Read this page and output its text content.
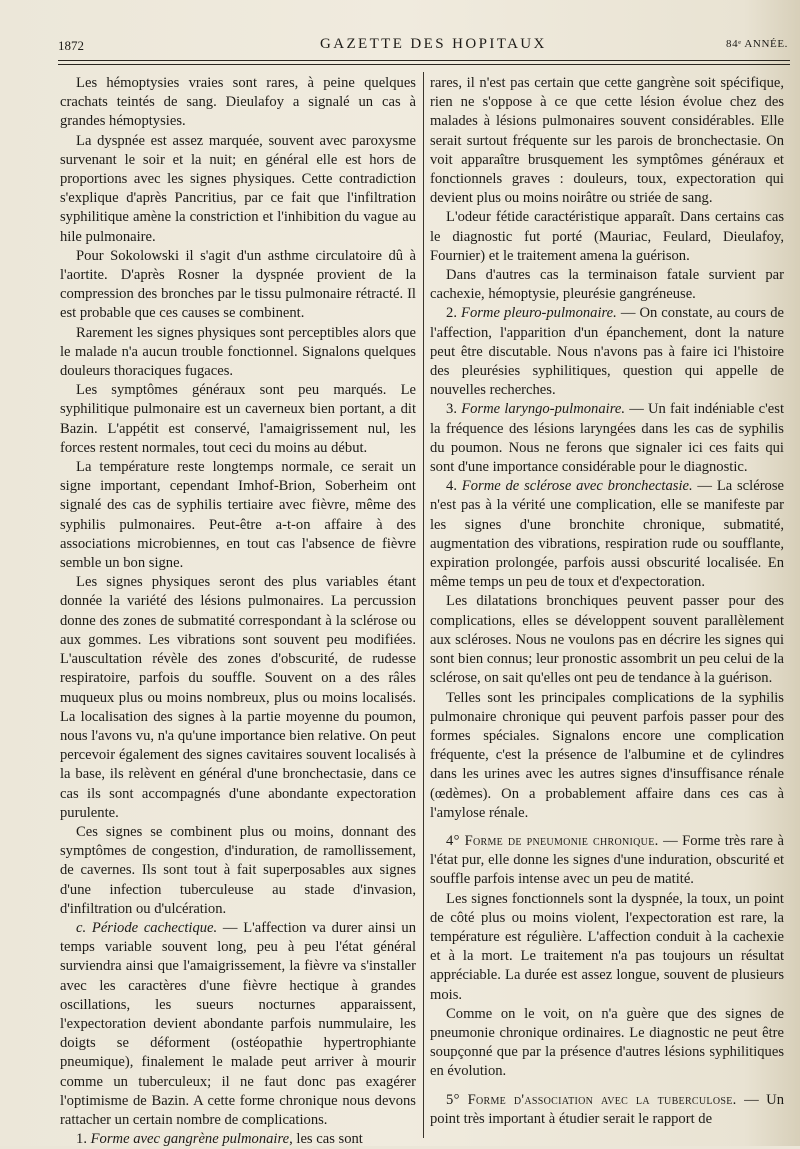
1872	GAZETTE DES HOPITAUX	84ᵉ ANNÉE.

Les hémoptysies vraies sont rares, à peine quelques crachats teintés de sang. Dieulafoy a signalé un cas à grandes hémoptysies.

La dyspnée est assez marquée, souvent avec paroxysme survenant le soir et la nuit; en général elle est hors de proportions avec les signes physiques. Cette contradiction s'explique d'après Pancritius, par ce fait que l'infiltration syphilitique amène la constriction et l'inhibition du vague au hile pulmonaire.

Pour Sokolowski il s'agit d'un asthme circulatoire dû à l'aortite. D'après Rosner la dyspnée provient de la compression des bronches par le tissu pulmonaire rétracté. Il est probable que ces causes se combinent.

Rarement les signes physiques sont perceptibles alors que le malade n'a aucun trouble fonctionnel. Signalons quelques douleurs thoraciques fugaces.

Les symptômes généraux sont peu marqués. Le syphilitique pulmonaire est un caverneux bien portant, a dit Bazin. L'appétit est conservé, l'amaigrissement nul, les forces restent normales, tout ceci du moins au début.

La température reste longtemps normale, ce serait un signe important, cependant Imhof-Brion, Soberheim ont signalé des cas de syphilis tertiaire avec fièvre, même des syphilis pulmonaires. Peut-être a-t-on affaire à des associations microbiennes, en tout cas l'absence de fièvre semble un bon signe.

Les signes physiques seront des plus variables étant donnée la variété des lésions pulmonaires. La percussion donne des zones de submatité correspondant à la sclérose ou aux gommes. Les vibrations sont souvent peu modifiées. L'auscultation révèle des zones d'obscurité, de rudesse respiratoire, parfois du souffle. Souvent on a des râles muqueux plus ou moins nombreux, plus ou moins localisés. La localisation des signes à la partie moyenne du poumon, nous l'avons vu, n'a qu'une importance bien relative. On peut percevoir également des signes cavitaires souvent localisés à la base, ils relèvent en général d'une bronchectasie, dans ce cas ils sont accompagnés d'une abondante expectoration purulente.

Ces signes se combinent plus ou moins, donnant des symptômes de congestion, d'induration, de ramollissement, de cavernes. Ils sont tout à fait superposables aux signes d'une infection tuberculeuse au stade d'invasion, d'infiltration ou d'ulcération.

c. Période cachectique. — L'affection va durer ainsi un temps variable souvent long, peu à peu l'état général surviendra ainsi que l'amaigrissement, la fièvre va s'installer avec les caractères d'une fièvre hectique à grandes oscillations, les sueurs nocturnes apparaissent, l'expectoration devient abondante parfois nummulaire, les doigts se déforment (ostéopathie hypertrophiante pneumique), finalement le malade peut arriver à mourir comme un tuberculeux; il ne faut donc pas exagérer l'optimisme de Bazin. A cette forme chronique nous devons rattacher un certain nombre de complications.

1. Forme avec gangrène pulmonaire, les cas sont

rares, il n'est pas certain que cette gangrène soit spécifique, rien ne s'oppose à ce que cette lésion évolue chez des malades à lésions pulmonaires souvent considérables. Elle serait surtout fréquente sur les parois de bronchectasie. On voit apparaître brusquement les symptômes généraux et fonctionnels graves : douleurs, toux, expectoration qui devient plus ou moins noirâtre ou striée de sang.

L'odeur fétide caractéristique apparaît. Dans certains cas le diagnostic fut porté (Mauriac, Feulard, Dieulafoy, Fournier) et le traitement amena la guérison.

Dans d'autres cas la terminaison fatale survient par cachexie, hémoptysie, pleurésie gangréneuse.

2. Forme pleuro-pulmonaire. — On constate, au cours de l'affection, l'apparition d'un épanchement, dont la nature peut être discutable. Nous n'avons pas à faire ici l'histoire des pleurésies syphilitiques, question qui appelle de nouvelles recherches.

3. Forme laryngo-pulmonaire. — Un fait indéniable c'est la fréquence des lésions laryngées dans les cas de syphilis du poumon. Nous ne ferons que signaler ici ces faits qui sont d'une importance considérable pour le diagnostic.

4. Forme de sclérose avec bronchectasie. — La sclérose n'est pas à la vérité une complication, elle se manifeste par les signes d'une bronchite chronique, submatité, augmentation des vibrations, respiration rude ou soufflante, expiration prolongée, parfois aussi obscurité localisée. En même temps un peu de toux et d'expectoration.

Les dilatations bronchiques peuvent passer pour des complications, elles se développent souvent parallèlement aux scléroses. Nous ne voulons pas en décrire les signes qui sont bien connus; leur pronostic assombrit un peu celui de la sclérose, on sait qu'elles ont peu de tendance à la guérison.

Telles sont les principales complications de la syphilis pulmonaire chronique qui peuvent parfois passer pour des formes spéciales. Signalons encore une complication fréquente, c'est la présence de l'albumine et de cylindres dans les urines avec les autres signes d'insuffisance rénale (œdèmes). On a probablement affaire dans ces cas à l'amylose rénale.

4° Forme de pneumonie chronique. — Forme très rare à l'état pur, elle donne les signes d'une induration, obscurité et souffle parfois intense avec un peu de matité.

Les signes fonctionnels sont la dyspnée, la toux, un point de côté plus ou moins violent, l'expectoration est rare, la température est régulière. L'affection conduit à la cachexie et à la mort. Le traitement n'a pas toujours un résultat appréciable. La durée est assez longue, souvent de plusieurs mois.

Comme on le voit, on n'a guère que des signes de pneumonie chronique ordinaires. Le diagnostic ne peut être soupçonné que par la présence d'autres lésions syphilitiques en évolution.

5° Forme d'association avec la tuberculose. — Un point très important à étudier serait le rapport de
